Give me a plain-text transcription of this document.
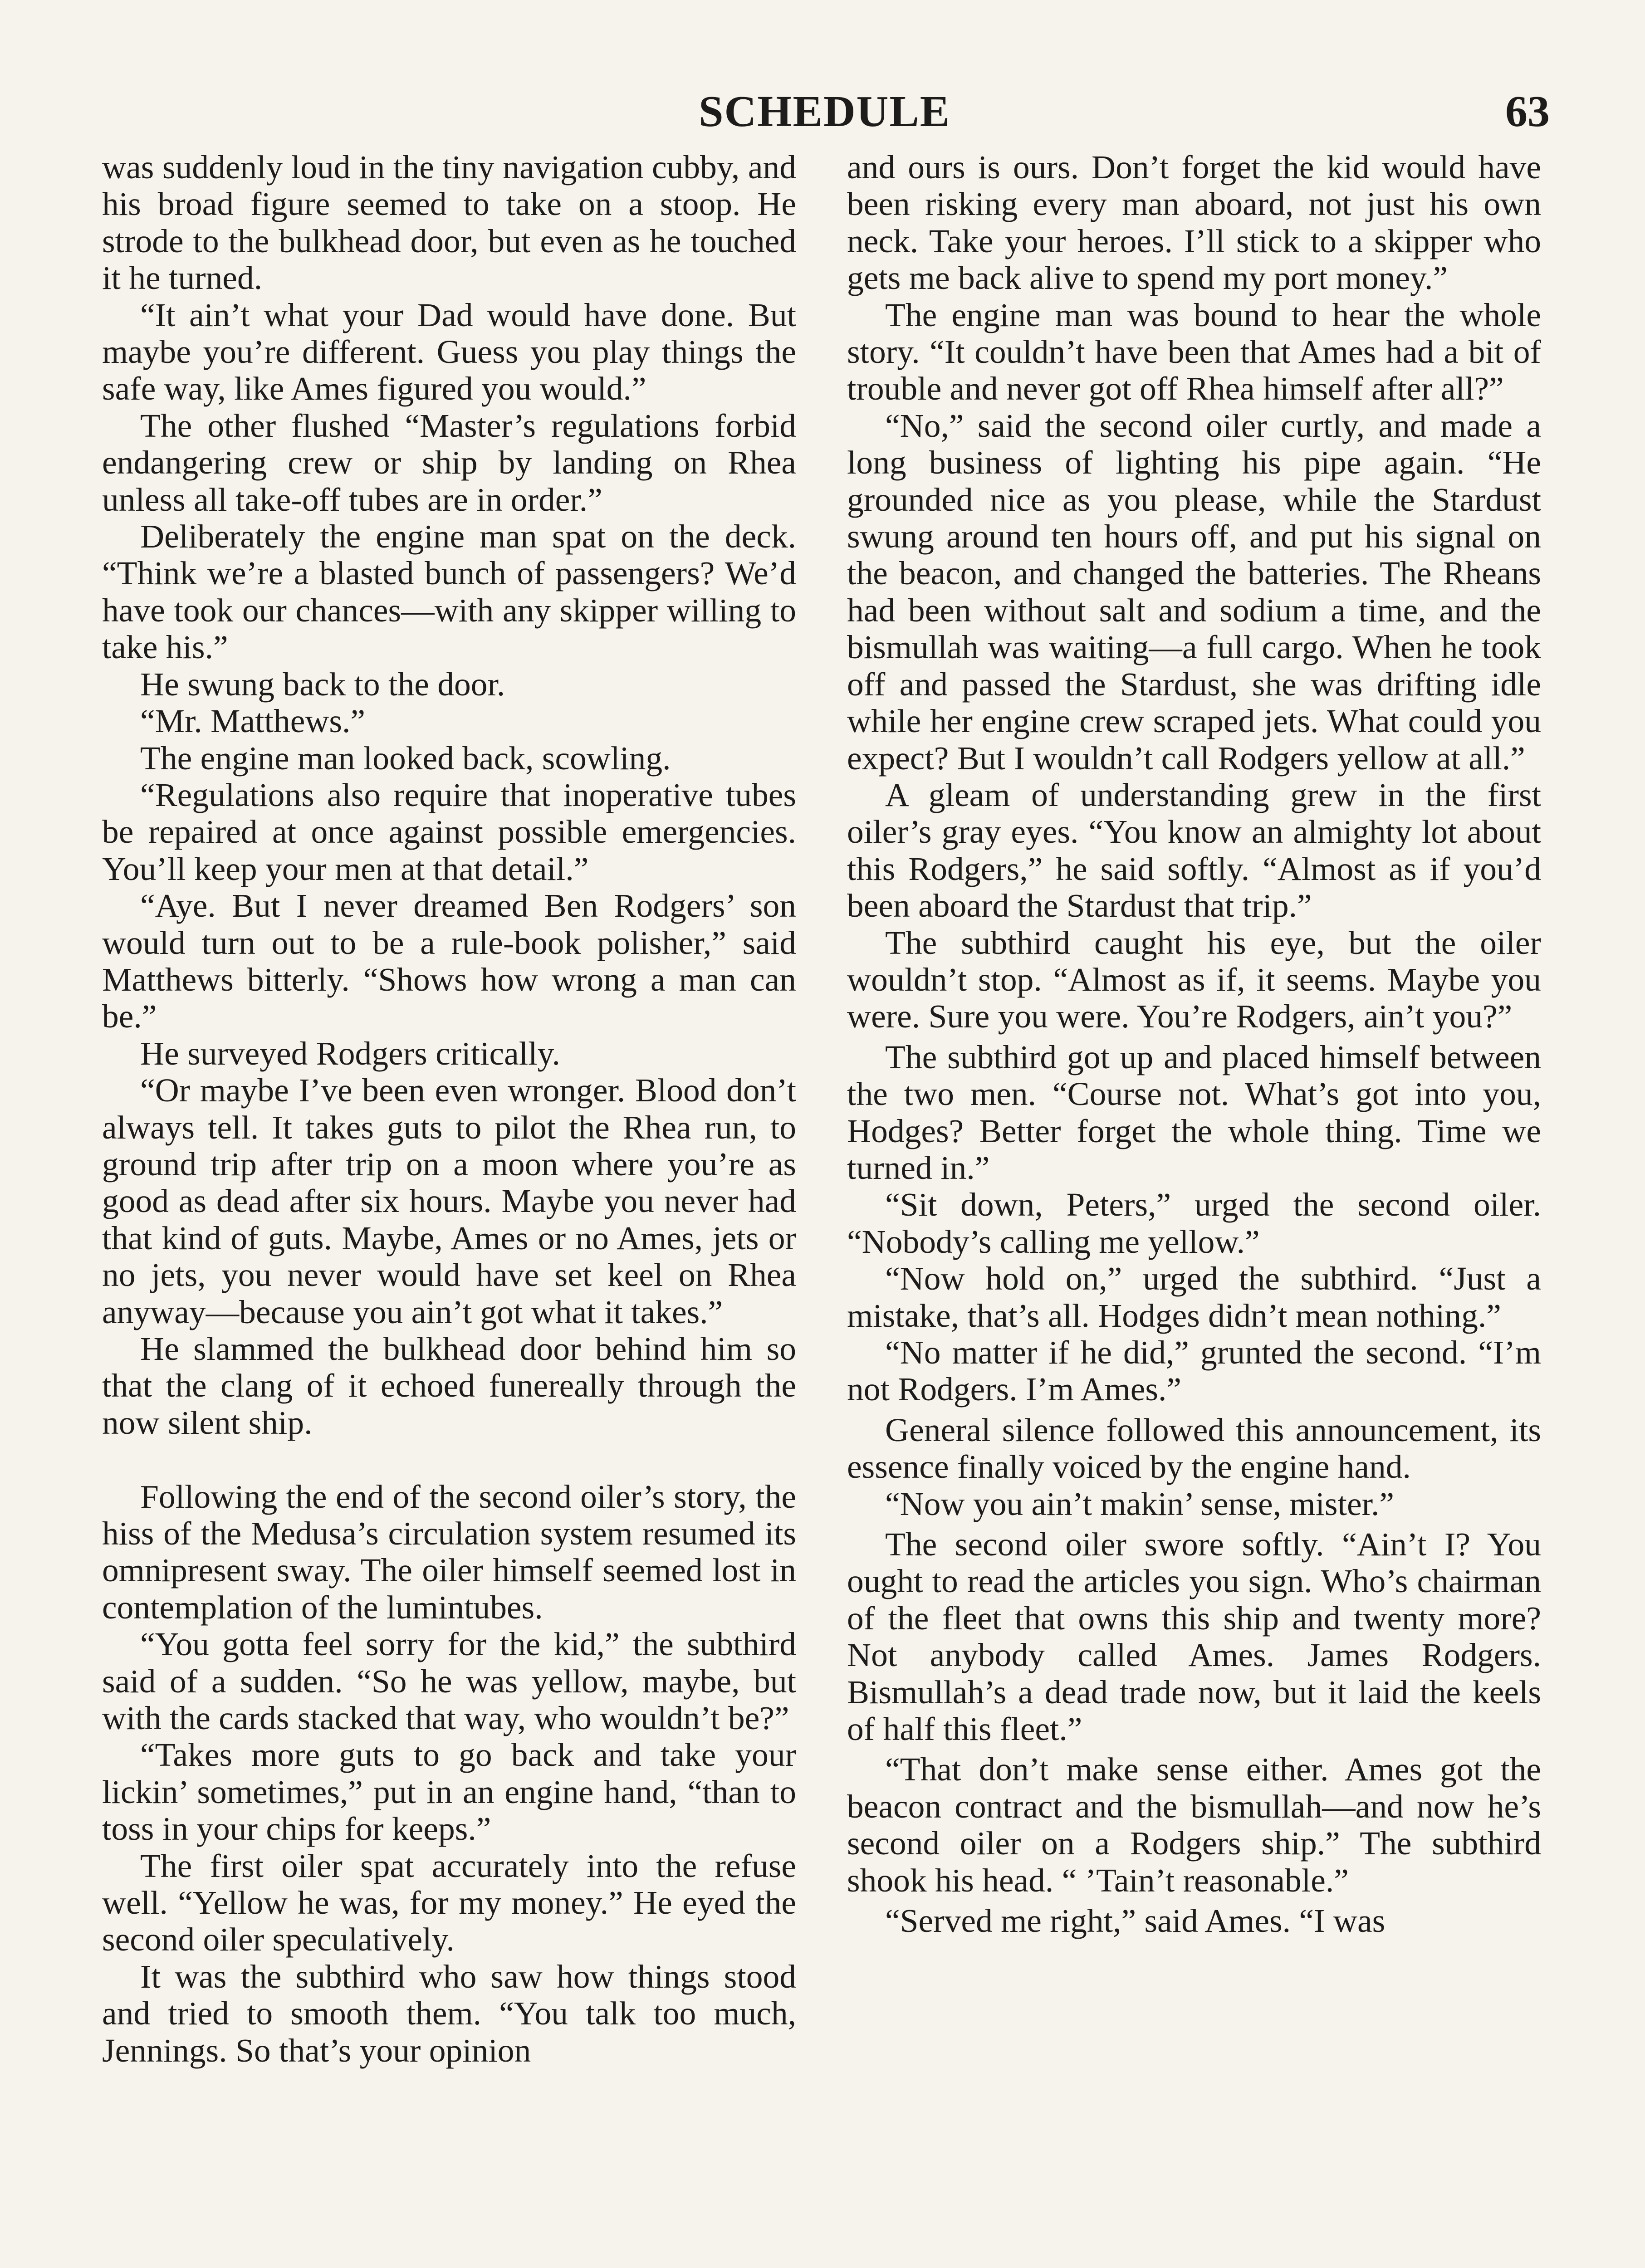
SCHEDULE	63

was suddenly loud in the tiny navigation cubby, and his broad figure seemed to take on a stoop. He strode to the bulkhead door, but even as he touched it he turned.

“It ain’t what your Dad would have done. But maybe you’re different. Guess you play things the safe way, like Ames figured you would.”

The other flushed “Master’s regulations forbid endangering crew or ship by landing on Rhea unless all take-off tubes are in order.”

Deliberately the engine man spat on the deck. “Think we’re a blasted bunch of passengers? We’d have took our chances—with any skipper willing to take his.”

He swung back to the door.

“Mr. Matthews.”

The engine man looked back, scowling.

“Regulations also require that inoperative tubes be repaired at once against possible emergencies. You’ll keep your men at that detail.”

“Aye. But I never dreamed Ben Rodgers’ son would turn out to be a rule-book polisher,” said Matthews bitterly. “Shows how wrong a man can be.”

He surveyed Rodgers critically.

“Or maybe I’ve been even wronger. Blood don’t always tell. It takes guts to pilot the Rhea run, to ground trip after trip on a moon where you’re as good as dead after six hours. Maybe you never had that kind of guts. Maybe, Ames or no Ames, jets or no jets, you never would have set keel on Rhea anyway—because you ain’t got what it takes.”

He slammed the bulkhead door behind him so that the clang of it echoed funereally through the now silent ship.

Following the end of the second oiler’s story, the hiss of the Medusa’s circulation system resumed its omnipresent sway. The oiler himself seemed lost in contemplation of the lumintubes.

“You gotta feel sorry for the kid,” the subthird said of a sudden. “So he was yellow, maybe, but with the cards stacked that way, who wouldn’t be?”

“Takes more guts to go back and take your lickin’ sometimes,” put in an engine hand, “than to toss in your chips for keeps.”

The first oiler spat accurately into the refuse well. “Yellow he was, for my money.” He eyed the second oiler speculatively.

It was the subthird who saw how things stood and tried to smooth them. “You talk too much, Jennings. So that’s your opinion

and ours is ours. Don’t forget the kid would have been risking every man aboard, not just his own neck. Take your heroes. I’ll stick to a skipper who gets me back alive to spend my port money.”

The engine man was bound to hear the whole story. “It couldn’t have been that Ames had a bit of trouble and never got off Rhea himself after all?”

“No,” said the second oiler curtly, and made a long business of lighting his pipe again. “He grounded nice as you please, while the Stardust swung around ten hours off, and put his signal on the beacon, and changed the batteries. The Rheans had been without salt and sodium a time, and the bismullah was waiting—a full cargo. When he took off and passed the Stardust, she was drifting idle while her engine crew scraped jets. What could you expect? But I wouldn’t call Rodgers yellow at all.”

A gleam of understanding grew in the first oiler’s gray eyes. “You know an almighty lot about this Rodgers,” he said softly. “Almost as if you’d been aboard the Stardust that trip.”

The subthird caught his eye, but the oiler wouldn’t stop. “Almost as if, it seems. Maybe you were. Sure you were. You’re Rodgers, ain’t you?”

The subthird got up and placed himself between the two men. “Course not. What’s got into you, Hodges? Better forget the whole thing. Time we turned in.”

“Sit down, Peters,” urged the second oiler. “Nobody’s calling me yellow.”

“Now hold on,” urged the subthird. “Just a mistake, that’s all. Hodges didn’t mean nothing.”

“No matter if he did,” grunted the second. “I’m not Rodgers. I’m Ames.”

General silence followed this announcement, its essence finally voiced by the engine hand.

“Now you ain’t makin’ sense, mister.”

The second oiler swore softly. “Ain’t I? You ought to read the articles you sign. Who’s chairman of the fleet that owns this ship and twenty more? Not anybody called Ames. James Rodgers. Bismullah’s a dead trade now, but it laid the keels of half this fleet.”

“That don’t make sense either. Ames got the beacon contract and the bismullah—and now he’s second oiler on a Rodgers ship.” The subthird shook his head. “ ’Tain’t reasonable.”

“Served me right,” said Ames. “I was
